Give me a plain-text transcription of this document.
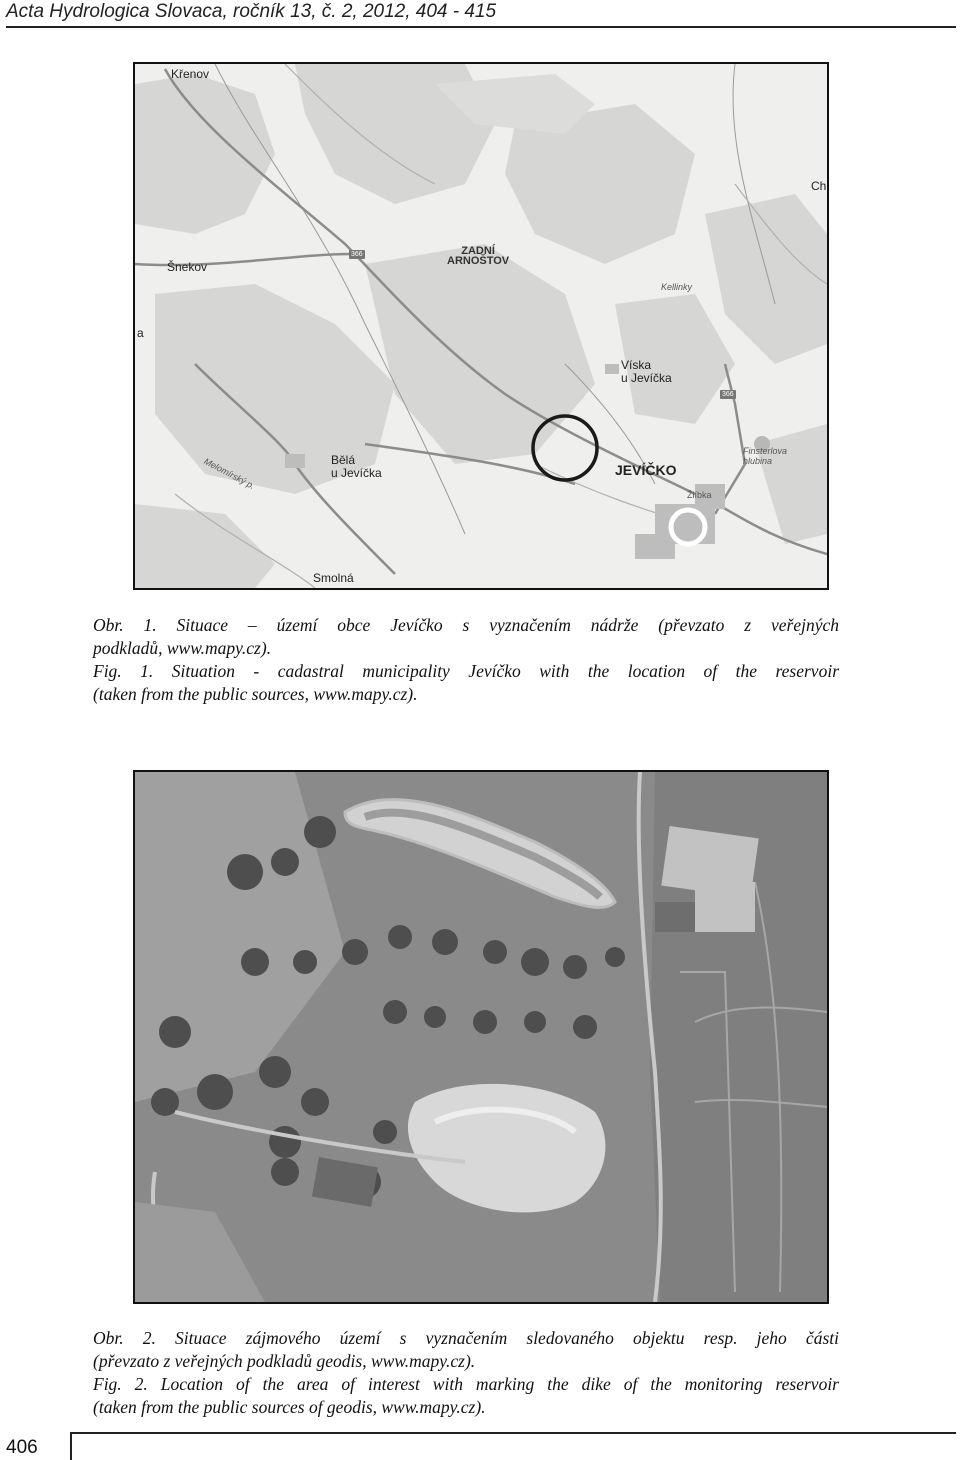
Acta Hydrologica Slovaca, ročník 13, č. 2, 2012, 404 - 415
Křenov
Šnekov
ZADNÍ
ARNOŠTOV
Kellinky
Víska
u Jevíčka
Bělá
u Jevíčka	JEVÍČKO
Finsterlova
hlubina
Žlíbka
Smolná
Ch
a
Melomírský p.
366
366
Obr. 1. Situace – území obce Jevíčko s vyznačením nádrže (převzato z veřejných
podkladů, www.mapy.cz).
Fig. 1. Situation - cadastral municipality Jevíčko with the location of the reservoir
(taken from the public sources, www.mapy.cz).
Obr. 2. Situace zájmového území s vyznačením sledovaného objektu resp. jeho části
(převzato z veřejných podkladů geodis, www.mapy.cz).
Fig. 2. Location of the area of interest with marking the dike of the monitoring reservoir
(taken from the public sources of geodis, www.mapy.cz).
406
